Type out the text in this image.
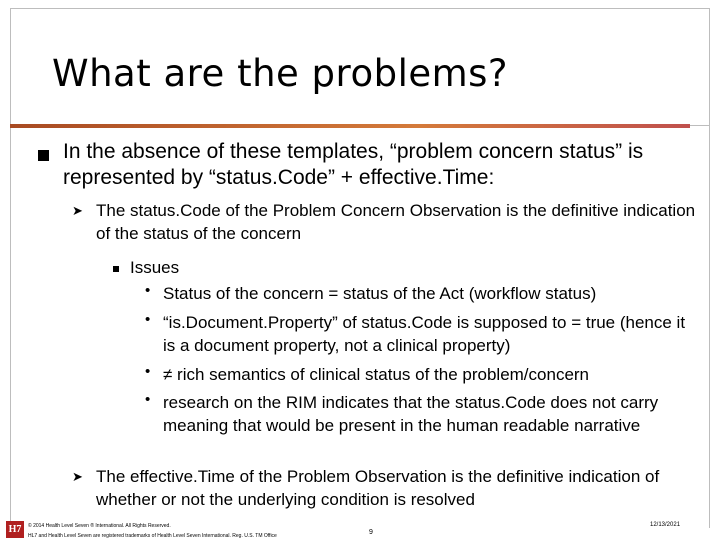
What are the problems?
In the absence of these templates, “problem concern status” is represented by “status.Code” + effective.Time:
➤ The status.Code of the Problem Concern Observation is the definitive indication of the status of the concern
Issues
• Status of the concern = status of the Act (workflow status)
• “is.Document.Property” of status.Code is supposed to = true (hence it is a document property, not a clinical property)
• ≠ rich semantics of clinical status of the problem/concern
• research on the RIM indicates that the status.Code does not carry meaning that would be present in the human readable narrative
➤ The effective.Time of the Problem Observation is the definitive indication of whether or not the underlying condition is resolved
H7	© 2014 Health Level Seven ® International. All Rights Reserved.
HL7 and Health Level Seven are registered trademarks of Health Level Seven International. Reg. U.S. TM Office	9
12/13/2021
